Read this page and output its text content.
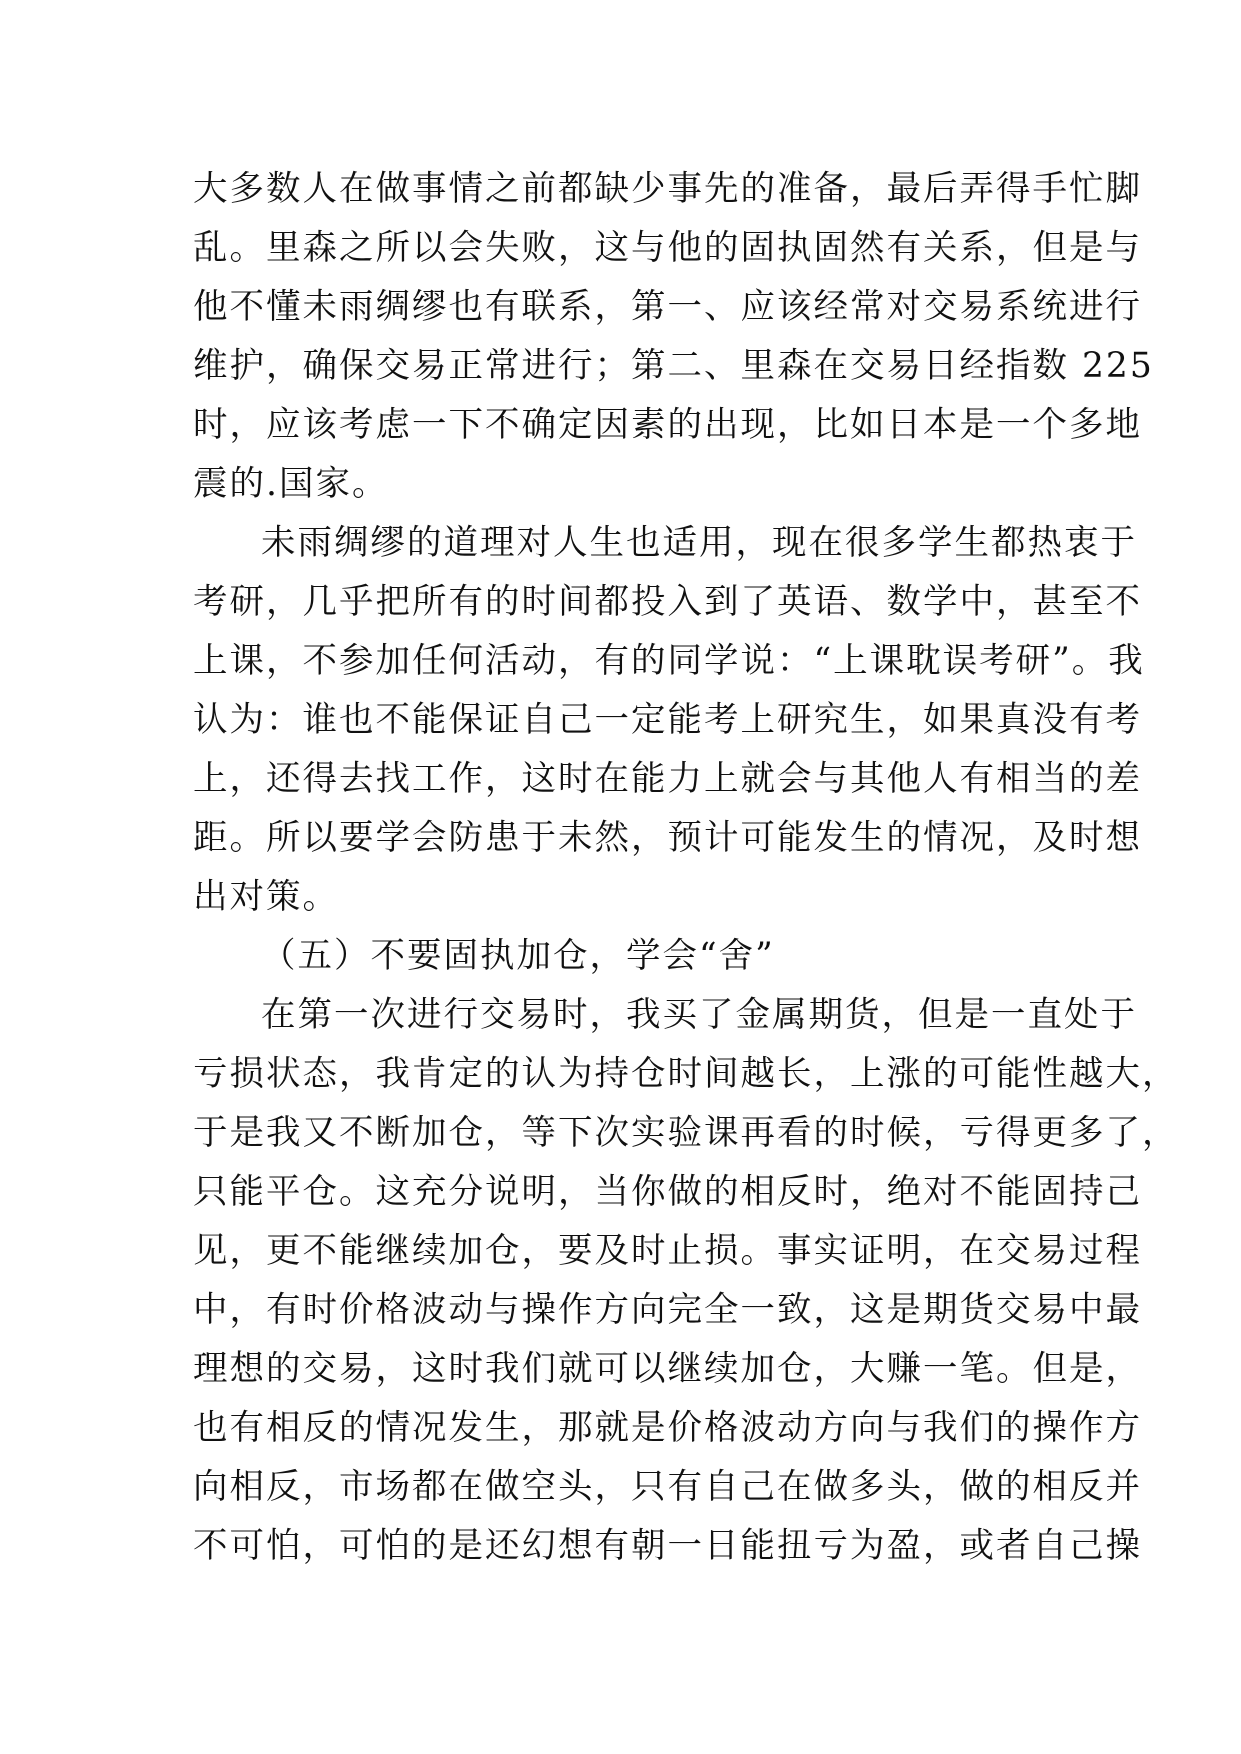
大多数人在做事情之前都缺少事先的准备，最后弄得手忙脚
乱。里森之所以会失败，这与他的固执固然有关系，但是与
他不懂未雨绸缪也有联系，第一、应该经常对交易系统进行
维护，确保交易正常进行；第二、里森在交易日经指数 225
时，应该考虑一下不确定因素的出现，比如日本是一个多地
震的.国家。
未雨绸缪的道理对人生也适用，现在很多学生都热衷于
考研，几乎把所有的时间都投入到了英语、数学中，甚至不
上课，不参加任何活动，有的同学说：“上课耽误考研”。我
认为：谁也不能保证自己一定能考上研究生，如果真没有考
上，还得去找工作，这时在能力上就会与其他人有相当的差
距。所以要学会防患于未然，预计可能发生的情况，及时想
出对策。
（五）不要固执加仓，学会“舍”
在第一次进行交易时，我买了金属期货，但是一直处于
亏损状态，我肯定的认为持仓时间越长，上涨的可能性越大，
于是我又不断加仓，等下次实验课再看的时候，亏得更多了，
只能平仓。这充分说明，当你做的相反时，绝对不能固持己
见，更不能继续加仓，要及时止损。事实证明，在交易过程
中，有时价格波动与操作方向完全一致，这是期货交易中最
理想的交易，这时我们就可以继续加仓，大赚一笔。但是，
也有相反的情况发生，那就是价格波动方向与我们的操作方
向相反，市场都在做空头，只有自己在做多头，做的相反并
不可怕，可怕的是还幻想有朝一日能扭亏为盈，或者自己操
